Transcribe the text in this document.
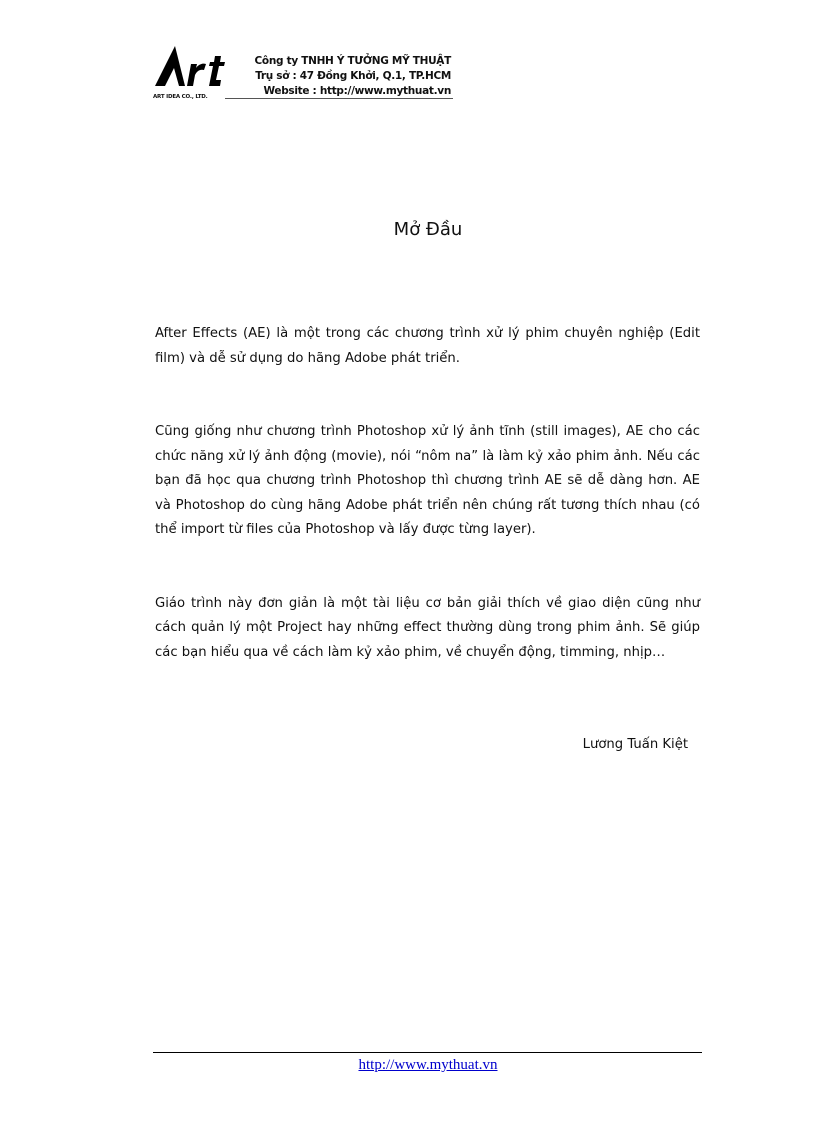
ART IDEA CO., LTD.
Công ty TNHH Ý TƯỞNG MỸ THUẬT
Trụ sở : 47 Đồng Khởi, Q.1, TP.HCM
Website : http://www.mythuat.vn
Mở Đầu

After Effects (AE) là một trong các chương trình xử lý phim chuyên nghiệp (Edit film) và dễ sử dụng do hãng Adobe phát triển.

Cũng giống như chương trình Photoshop xử lý ảnh tĩnh (still images), AE cho các chức năng xử lý ảnh động (movie), nói “nôm na” là làm kỷ xảo phim ảnh. Nếu các bạn đã học qua chương trình Photoshop thì chương trình AE sẽ dễ dàng hơn. AE và Photoshop do cùng hãng Adobe phát triển nên chúng rất tương thích nhau (có thể import từ files của Photoshop và lấy được từng layer).

Giáo trình này đơn giản là một tài liệu cơ bản giải thích về giao diện cũng như cách quản lý một Project hay những effect thường dùng trong phim ảnh. Sẽ giúp các bạn hiểu qua về cách làm kỷ xảo phim, về chuyển động, timming, nhịp…

Lương Tuấn Kiệt
http://www.mythuat.vn
